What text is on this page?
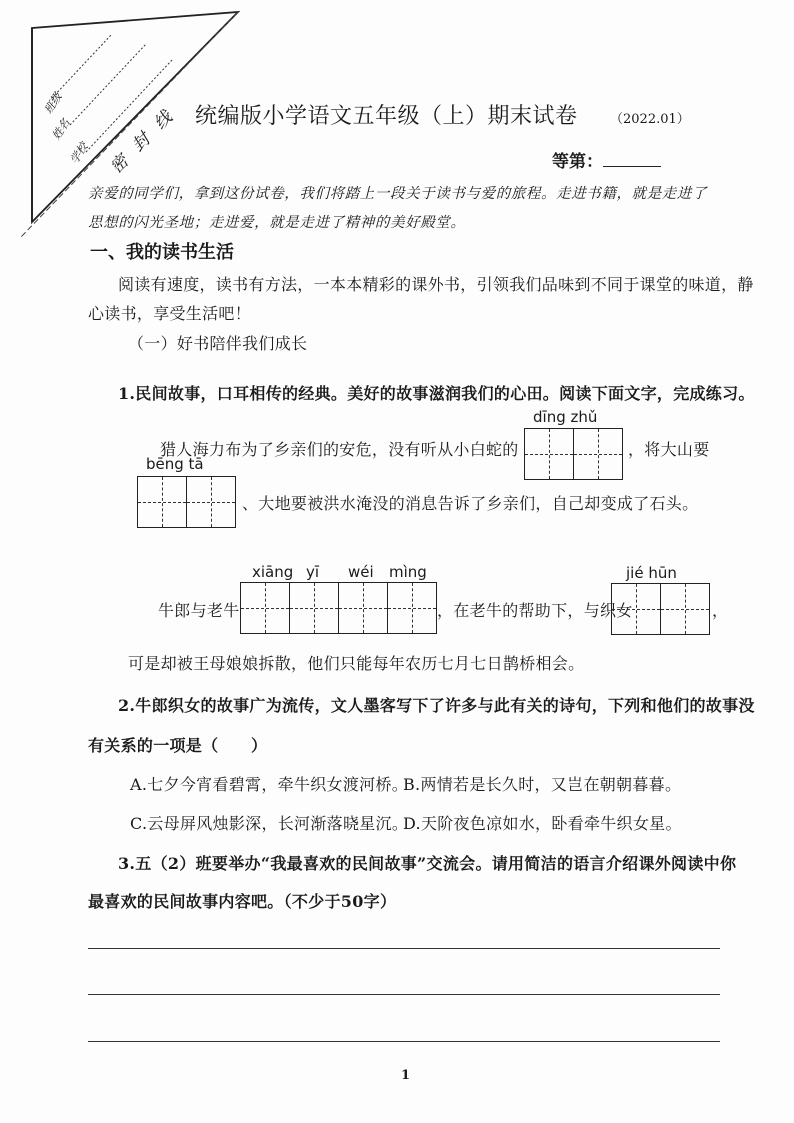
班级
姓名
学校 密封线 统编版小学语文五年级（上）期末试卷 （2022.01）
等第：
亲爱的同学们，拿到这份试卷，我们将踏上一段关于读书与爱的旅程。走进书籍，就是走进了
思想的闪光圣地；走进爱，就是走进了精神的美好殿堂。
一、我的读书生活
阅读有速度，读书有方法，一本本精彩的课外书，引领我们品味到不同于课堂的味道，静
心读书，享受生活吧！
（一）好书陪伴我们成长
1.民间故事，口耳相传的经典。美好的故事滋润我们的心田。阅读下面文字，完成练习。
dīng zhǔ
猎人海力布为了乡亲们的安危，没有听从小白蛇的	，将大山要
bēng tā
、大地要被洪水淹没的消息告诉了乡亲们，自己却变成了石头。
xiāng yī wéi mìng
牛郎与老牛	，在老牛的帮助下，与织女
jié hūn
，
可是却被王母娘娘拆散，他们只能每年农历七月七日鹊桥相会。
2.牛郎织女的故事广为流传，文人墨客写下了许多与此有关的诗句，下列和他们的故事没
有关系的一项是（　　）
A.七夕今宵看碧霄，牵牛织女渡河桥。
B.两情若是长久时，又岂在朝朝暮暮。
C.云母屏风烛影深，长河渐落晓星沉。
D.天阶夜色凉如水，卧看牵牛织女星。
3.五（2）班要举办“我最喜欢的民间故事”交流会。请用简洁的语言介绍课外阅读中你
最喜欢的民间故事内容吧。（不少于50字）
1
